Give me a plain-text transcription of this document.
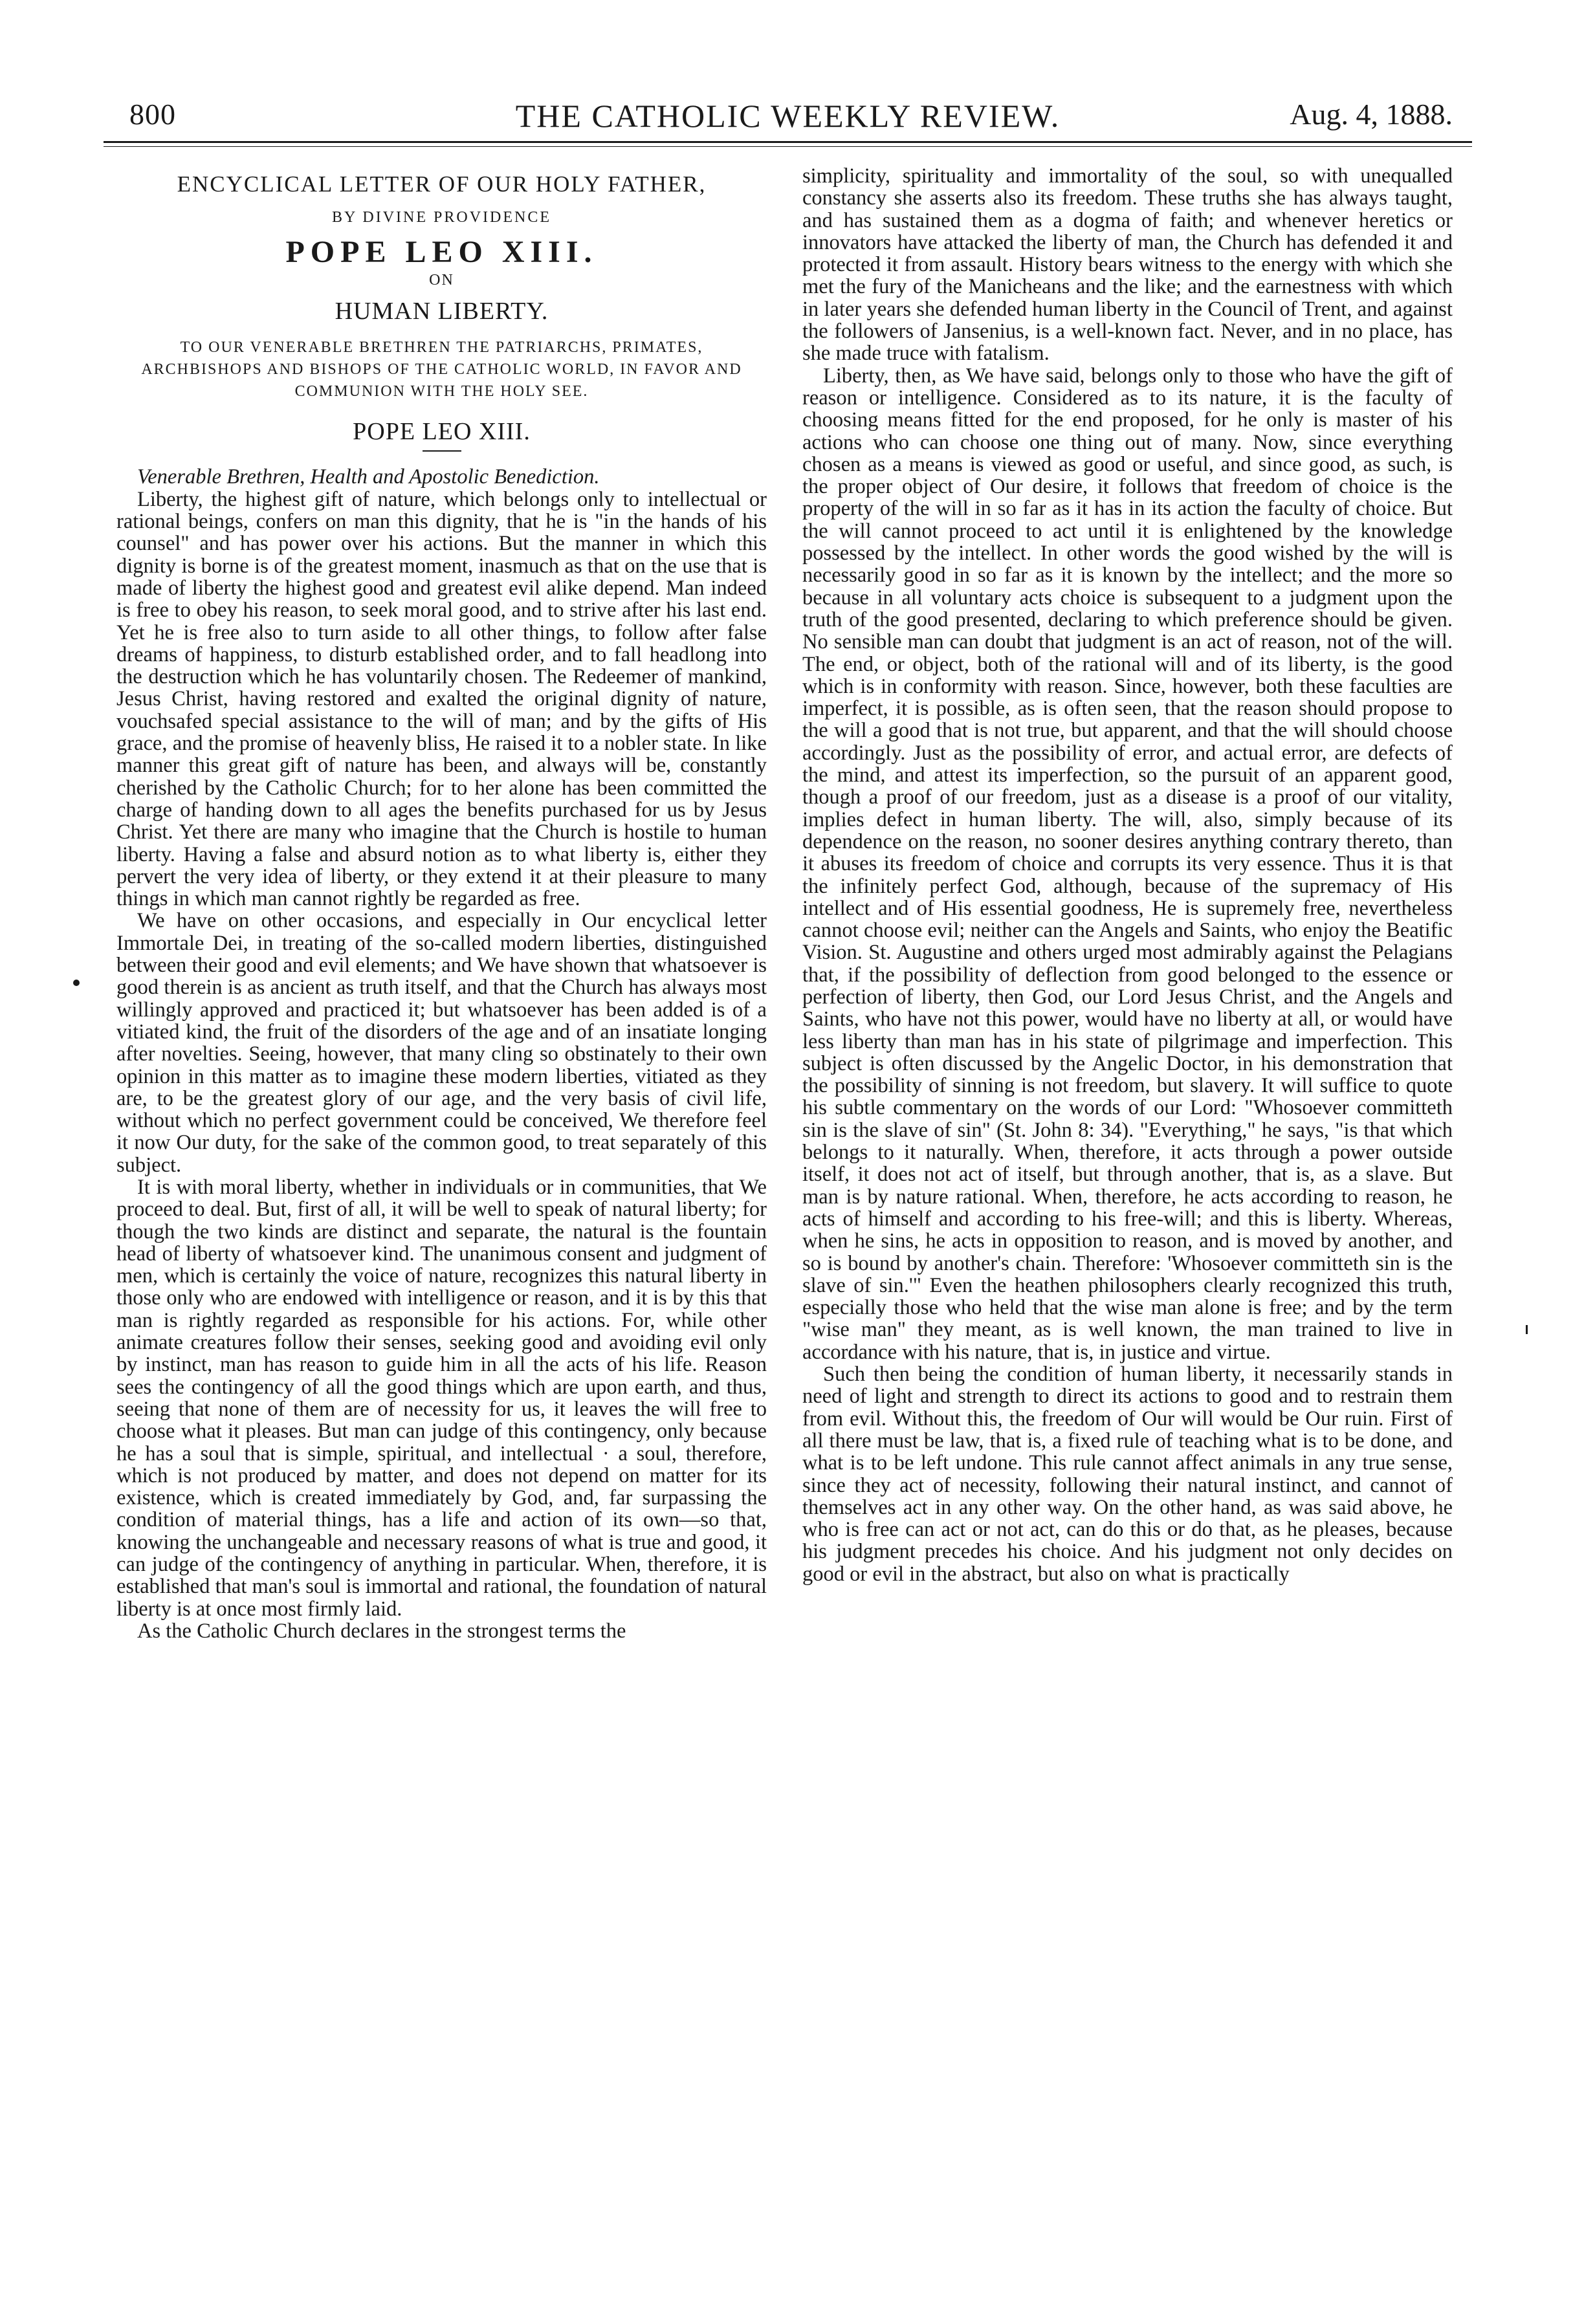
800	THE CATHOLIC WEEKLY REVIEW.	Aug. 4, 1888.
ENCYCLICAL LETTER OF OUR HOLY FATHER,
BY DIVINE PROVIDENCE
POPE LEO XIII.
ON
HUMAN LIBERTY.
TO OUR VENERABLE BRETHREN THE PATRIARCHS, PRIMATES, ARCHBISHOPS AND BISHOPS OF THE CATHOLIC WORLD, IN FAVOR AND COMMUNION WITH THE HOLY SEE.
POPE LEO XIII.

Venerable Brethren, Health and Apostolic Benediction.

Liberty, the highest gift of nature, which belongs only to intellectual or rational beings, confers on man this dignity, that he is "in the hands of his counsel" and has power over his actions. But the manner in which this dignity is borne is of the greatest moment, inasmuch as that on the use that is made of liberty the highest good and greatest evil alike depend. Man indeed is free to obey his reason, to seek moral good, and to strive after his last end. Yet he is free also to turn aside to all other things, to follow after false dreams of happiness, to disturb established order, and to fall headlong into the destruction which he has voluntarily chosen. The Redeemer of mankind, Jesus Christ, having restored and exalted the original dignity of nature, vouchsafed special assistance to the will of man; and by the gifts of His grace, and the promise of heavenly bliss, He raised it to a nobler state. In like manner this great gift of nature has been, and always will be, constantly cherished by the Catholic Church; for to her alone has been committed the charge of handing down to all ages the benefits purchased for us by Jesus Christ. Yet there are many who imagine that the Church is hostile to human liberty. Having a false and absurd notion as to what liberty is, either they pervert the very idea of liberty, or they extend it at their pleasure to many things in which man cannot rightly be regarded as free.

We have on other occasions, and especially in Our encyclical letter Immortale Dei, in treating of the so-called modern liberties, distinguished between their good and evil elements; and We have shown that whatsoever is good therein is as ancient as truth itself, and that the Church has always most willingly approved and practiced it; but whatsoever has been added is of a vitiated kind, the fruit of the disorders of the age and of an insatiate longing after novelties. Seeing, however, that many cling so obstinately to their own opinion in this matter as to imagine these modern liberties, vitiated as they are, to be the greatest glory of our age, and the very basis of civil life, without which no perfect government could be conceived, We therefore feel it now Our duty, for the sake of the common good, to treat separately of this subject.

It is with moral liberty, whether in individuals or in communities, that We proceed to deal. But, first of all, it will be well to speak of natural liberty; for though the two kinds are distinct and separate, the natural is the fountain head of liberty of whatsoever kind. The unanimous consent and judgment of men, which is certainly the voice of nature, recognizes this natural liberty in those only who are endowed with intelligence or reason, and it is by this that man is rightly regarded as responsible for his actions. For, while other animate creatures follow their senses, seeking good and avoiding evil only by instinct, man has reason to guide him in all the acts of his life. Reason sees the contingency of all the good things which are upon earth, and thus, seeing that none of them are of necessity for us, it leaves the will free to choose what it pleases. But man can judge of this contingency, only because he has a soul that is simple, spiritual, and intellectual · a soul, therefore, which is not produced by matter, and does not depend on matter for its existence, which is created immediately by God, and, far surpassing the condition of material things, has a life and action of its own—so that, knowing the unchangeable and necessary reasons of what is true and good, it can judge of the contingency of anything in particular. When, therefore, it is established that man's soul is immortal and rational, the foundation of natural liberty is at once most firmly laid.

As the Catholic Church declares in the strongest terms the

simplicity, spirituality and immortality of the soul, so with unequalled constancy she asserts also its freedom. These truths she has always taught, and has sustained them as a dogma of faith; and whenever heretics or innovators have attacked the liberty of man, the Church has defended it and protected it from assault. History bears witness to the energy with which she met the fury of the Manicheans and the like; and the earnestness with which in later years she defended human liberty in the Council of Trent, and against the followers of Jansenius, is a well-known fact. Never, and in no place, has she made truce with fatalism.

Liberty, then, as We have said, belongs only to those who have the gift of reason or intelligence. Considered as to its nature, it is the faculty of choosing means fitted for the end proposed, for he only is master of his actions who can choose one thing out of many. Now, since everything chosen as a means is viewed as good or useful, and since good, as such, is the proper object of Our desire, it follows that freedom of choice is the property of the will in so far as it has in its action the faculty of choice. But the will cannot proceed to act until it is enlightened by the knowledge possessed by the intellect. In other words the good wished by the will is necessarily good in so far as it is known by the intellect; and the more so because in all voluntary acts choice is subsequent to a judgment upon the truth of the good presented, declaring to which preference should be given. No sensible man can doubt that judgment is an act of reason, not of the will. The end, or object, both of the rational will and of its liberty, is the good which is in conformity with reason. Since, however, both these faculties are imperfect, it is possible, as is often seen, that the reason should propose to the will a good that is not true, but apparent, and that the will should choose accordingly. Just as the possibility of error, and actual error, are defects of the mind, and attest its imperfection, so the pursuit of an apparent good, though a proof of our freedom, just as a disease is a proof of our vitality, implies defect in human liberty. The will, also, simply because of its dependence on the reason, no sooner desires anything contrary thereto, than it abuses its freedom of choice and corrupts its very essence. Thus it is that the infinitely perfect God, although, because of the supremacy of His intellect and of His essential goodness, He is supremely free, nevertheless cannot choose evil; neither can the Angels and Saints, who enjoy the Beatific Vision. St. Augustine and others urged most admirably against the Pelagians that, if the possibility of deflection from good belonged to the essence or perfection of liberty, then God, our Lord Jesus Christ, and the Angels and Saints, who have not this power, would have no liberty at all, or would have less liberty than man has in his state of pilgrimage and imperfection. This subject is often discussed by the Angelic Doctor, in his demonstration that the possibility of sinning is not freedom, but slavery. It will suffice to quote his subtle commentary on the words of our Lord: "Whosoever committeth sin is the slave of sin" (St. John 8: 34). "Everything," he says, "is that which belongs to it naturally. When, therefore, it acts through a power outside itself, it does not act of itself, but through another, that is, as a slave. But man is by nature rational. When, therefore, he acts according to reason, he acts of himself and according to his free-will; and this is liberty. Whereas, when he sins, he acts in opposition to reason, and is moved by another, and so is bound by another's chain. Therefore: 'Whosoever committeth sin is the slave of sin.'" Even the heathen philosophers clearly recognized this truth, especially those who held that the wise man alone is free; and by the term "wise man" they meant, as is well known, the man trained to live in accordance with his nature, that is, in justice and virtue.

Such then being the condition of human liberty, it necessarily stands in need of light and strength to direct its actions to good and to restrain them from evil. Without this, the freedom of Our will would be Our ruin. First of all there must be law, that is, a fixed rule of teaching what is to be done, and what is to be left undone. This rule cannot affect animals in any true sense, since they act of necessity, following their natural instinct, and cannot of themselves act in any other way. On the other hand, as was said above, he who is free can act or not act, can do this or do that, as he pleases, because his judgment precedes his choice. And his judgment not only decides on good or evil in the abstract, but also on what is practically
